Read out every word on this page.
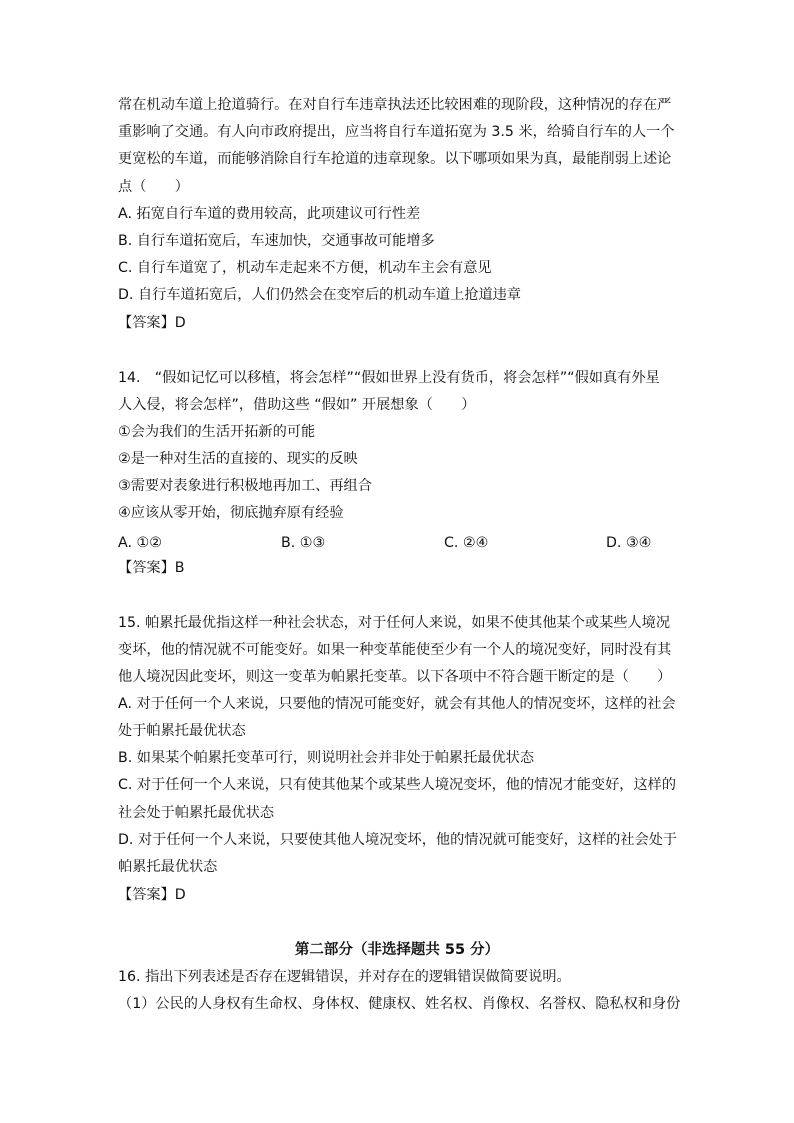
常在机动车道上抢道骑行。在对自行车违章执法还比较困难的现阶段，这种情况的存在严
重影响了交通。有人向市政府提出，应当将自行车道拓宽为 3.5 米，给骑自行车的人一个
更宽松的车道，而能够消除自行车抢道的违章现象。以下哪项如果为真，最能削弱上述论
点（　　）
A. 拓宽自行车道的费用较高，此项建议可行性差
B. 自行车道拓宽后，车速加快，交通事故可能增多
C. 自行车道宽了，机动车走起来不方便，机动车主会有意见
D. 自行车道拓宽后，人们仍然会在变窄后的机动车道上抢道违章
【答案】D
14.　“假如记忆可以移植，将会怎样”“假如世界上没有货币，将会怎样”“假如真有外星
人入侵，将会怎样”，借助这些 “假如” 开展想象（　　）
①会为我们的生活开拓新的可能
②是一种对生活的直接的、现实的反映
③需要对表象进行积极地再加工、再组合
④应该从零开始，彻底抛弃原有经验
A. ①②	B. ①③	C. ②④	D. ③④
【答案】B
15. 帕累托最优指这样一种社会状态，对于任何人来说，如果不使其他某个或某些人境况
变坏，他的情况就不可能变好。如果一种变革能使至少有一个人的境况变好，同时没有其
他人境况因此变坏，则这一变革为帕累托变革。以下各项中不符合题干断定的是（　　）
A. 对于任何一个人来说，只要他的情况可能变好，就会有其他人的情况变坏，这样的社会
处于帕累托最优状态
B. 如果某个帕累托变革可行，则说明社会并非处于帕累托最优状态
C. 对于任何一个人来说，只有使其他某个或某些人境况变坏，他的情况才能变好，这样的
社会处于帕累托最优状态
D. 对于任何一个人来说，只要使其他人境况变坏，他的情况就可能变好，这样的社会处于
帕累托最优状态
【答案】D
第二部分（非选择题共 55 分）
16. 指出下列表述是否存在逻辑错误，并对存在的逻辑错误做简要说明。
（1）公民的人身权有生命权、身体权、健康权、姓名权、肖像权、名誉权、隐私权和身份
